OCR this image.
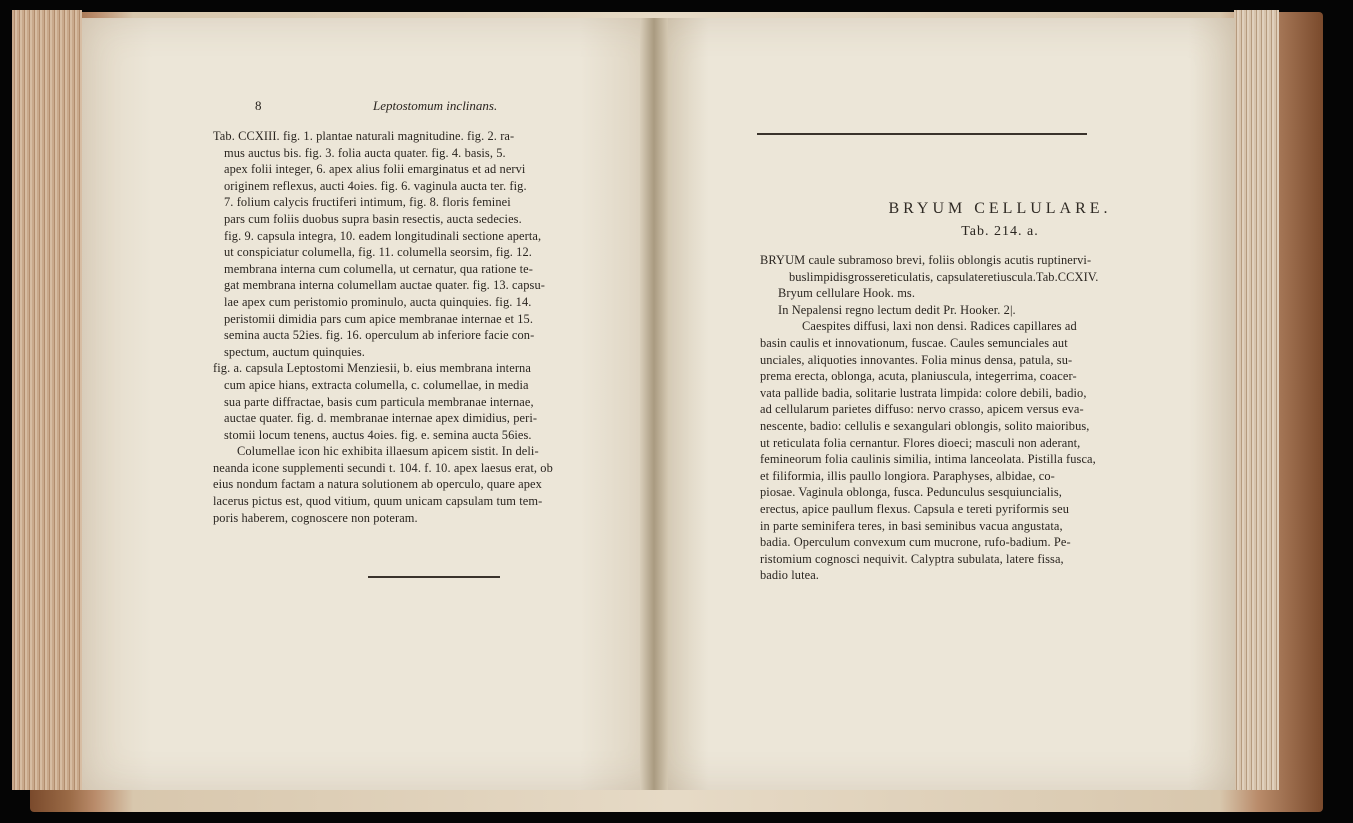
8	Leptostomum inclinans.
Tab. CCXIII. fig. 1. plantae naturali magnitudine. fig. 2. ra-
mus auctus bis. fig. 3. folia aucta quater. fig. 4. basis, 5.
apex folii integer, 6. apex alius folii emarginatus et ad nervi
originem reflexus, aucti 4oies. fig. 6. vaginula aucta ter. fig.
7. folium calycis fructiferi intimum, fig. 8. floris feminei
pars cum foliis duobus supra basin resectis, aucta sedecies.
fig. 9. capsula integra, 10. eadem longitudinali sectione aperta,
ut conspiciatur columella, fig. 11. columella seorsim, fig. 12.
membrana interna cum columella, ut cernatur, qua ratione te-
gat membrana interna columellam auctae quater. fig. 13. capsu-
lae apex cum peristomio prominulo, aucta quinquies. fig. 14.
peristomii dimidia pars cum apice membranae internae et 15.
semina aucta 52ies. fig. 16. operculum ab inferiore facie con-
spectum, auctum quinquies.
fig. a. capsula Leptostomi Menziesii, b. eius membrana interna
cum apice hians, extracta columella, c. columellae, in media
sua parte diffractae, basis cum particula membranae internae,
auctae quater. fig. d. membranae internae apex dimidius, peri-
stomii locum tenens, auctus 4oies. fig. e. semina aucta 56ies.
Columellae icon hic exhibita illaesum apicem sistit. In deli-
neanda icone supplementi secundi t. 104. f. 10. apex laesus erat, ob
eius nondum factam a natura solutionem ab operculo, quare apex
lacerus pictus est, quod vitium, quum unicam capsulam tum tem-
poris haberem, cognoscere non poteram.
BRYUM CELLULARE.
Tab. 214. a.
BRYUM caule subramoso brevi, foliis oblongis acutis ruptinervi-
buslimpidisgrossereticulatis, capsulateretiuscula.Tab.CCXIV.
Bryum cellulare Hook. ms.
In Nepalensi regno lectum dedit Pr. Hooker. 2|.
Caespites diffusi, laxi non densi. Radices capillares ad
basin caulis et innovationum, fuscae. Caules semunciales aut
unciales, aliquoties innovantes. Folia minus densa, patula, su-
prema erecta, oblonga, acuta, planiuscula, integerrima, coacer-
vata pallide badia, solitarie lustrata limpida: colore debili, badio,
ad cellularum parietes diffuso: nervo crasso, apicem versus eva-
nescente, badio: cellulis e sexangulari oblongis, solito maioribus,
ut reticulata folia cernantur. Flores dioeci; masculi non aderant,
femineorum folia caulinis similia, intima lanceolata. Pistilla fusca,
et filiformia, illis paullo longiora. Paraphyses, albidae, co-
piosae. Vaginula oblonga, fusca. Pedunculus sesquiuncialis,
erectus, apice paullum flexus. Capsula e tereti pyriformis seu
in parte seminifera teres, in basi seminibus vacua angustata,
badia. Operculum convexum cum mucrone, rufo-badium. Pe-
ristomium cognosci nequivit. Calyptra subulata, latere fissa,
badio lutea.
